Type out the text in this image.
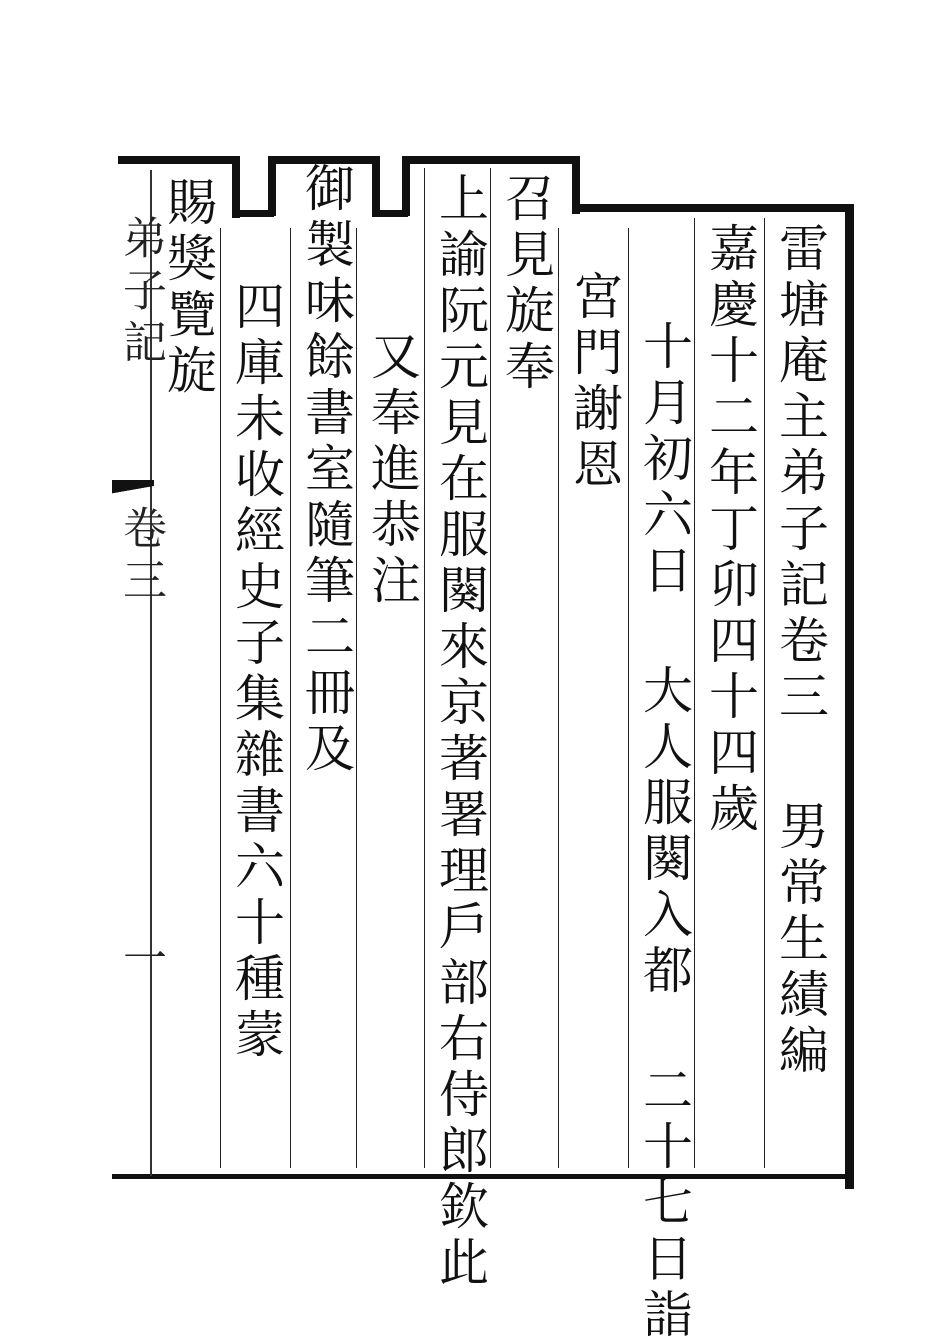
雷塘庵主弟子記卷三
男常生績編
嘉慶十二年丁卯四十四歲
十月初六日 大人服闋入都 二十七日詣
宮門謝恩
召見旋奉
上諭阮元見在服闋來京著署理戶部右侍郎欽此
又奉進恭注
御製味餘書室隨筆二冊及
四庫未收經史子集雜書六十種蒙
賜獎覽旋
弟子記
卷三
一
